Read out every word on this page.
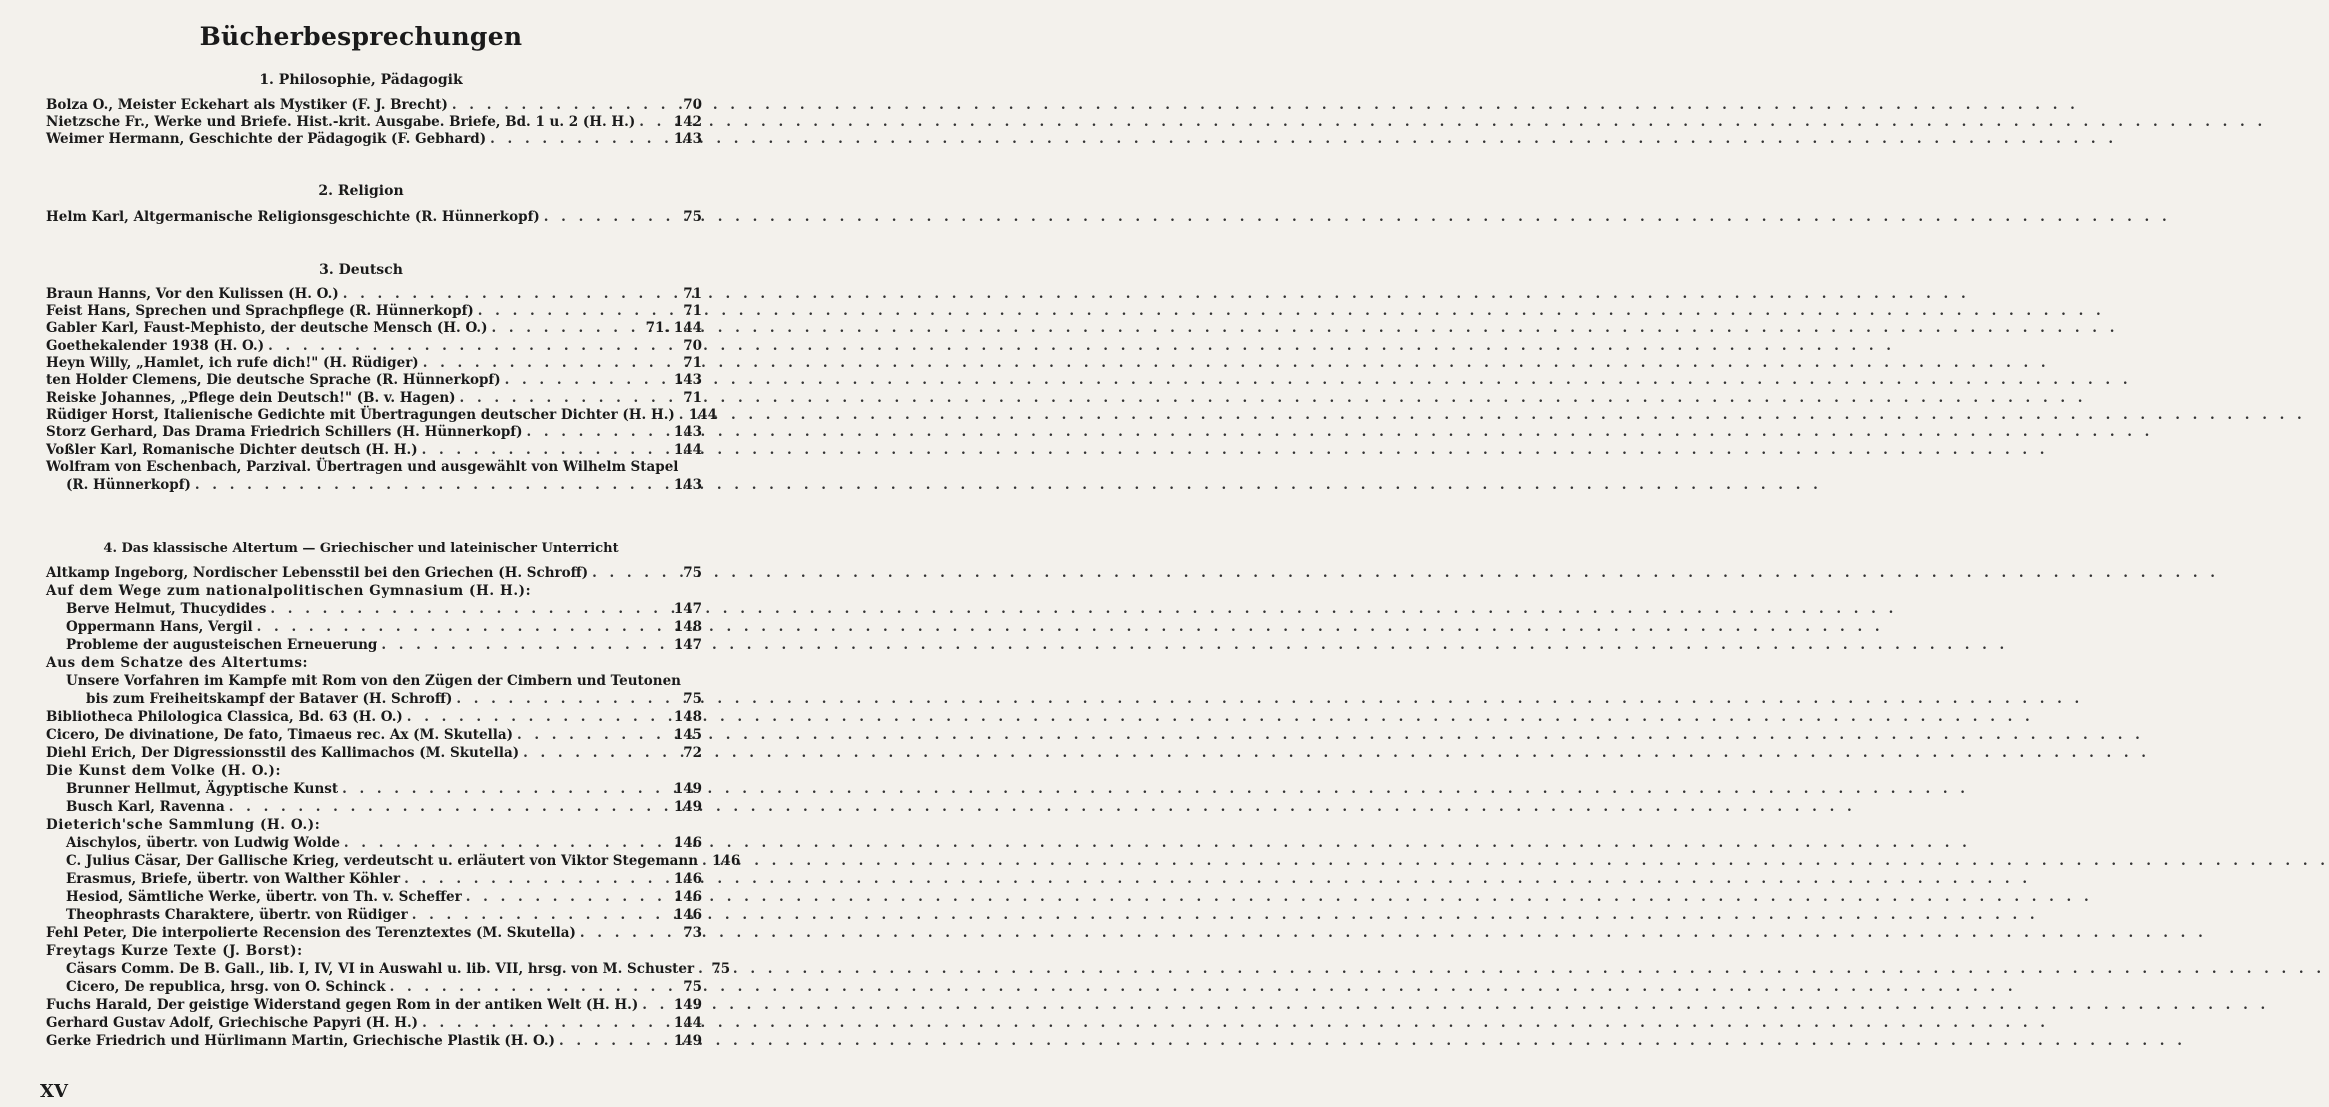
Bücherbesprechungen
1. Philosophie, Pädagogik
Bolza O., Meister Eckehart als Mystiker (F. J. Brecht) . . .	70
Nietzsche Fr., Werke und Briefe. Hist.-krit. Ausgabe. Briefe, Bd. 1 u. 2 (H. H.) . . .	142
Weimer Hermann, Geschichte der Pädagogik (F. Gebhard) . . .	143
2. Religion
Helm Karl, Altgermanische Religionsgeschichte (R. Hünnerkopf) . . .	75
3. Deutsch
Braun Hanns, Vor den Kulissen (H. O.) . . .	71
Feist Hans, Sprechen und Sprachpflege (R. Hünnerkopf) . . .	71
Gabler Karl, Faust-Mephisto, der deutsche Mensch (H. O.) . . .	71. 144
Goethekalender 1938 (H. O.) . . .	70
Heyn Willy, „Hamlet, ich rufe dich!" (H. Rüdiger) . . .	71
ten Holder Clemens, Die deutsche Sprache (R. Hünnerkopf) . . .	143
Reiske Johannes, „Pflege dein Deutsch!" (B. v. Hagen) . . .	71
Rüdiger Horst, Italienische Gedichte mit Übertragungen deutscher Dichter (H. H.) . . . 144
Storz Gerhard, Das Drama Friedrich Schillers (H. Hünnerkopf) . . .	143
Voßler Karl, Romanische Dichter deutsch (H. H.) . . .	144
Wolfram von Eschenbach, Parzival. Übertragen und ausgewählt von Wilhelm Stapel
(R. Hünnerkopf) . . .	143
4. Das klassische Altertum — Griechischer und lateinischer Unterricht
Altkamp Ingeborg, Nordischer Lebensstil bei den Griechen (H. Schroff) . . .	75
Auf dem Wege zum nationalpolitischen Gymnasium (H. H.):
Berve Helmut, Thucydides . . .	147
Oppermann Hans, Vergil . . .	148
Probleme der augusteischen Erneuerung . . .	147
Aus dem Schatze des Altertums:
Unsere Vorfahren im Kampfe mit Rom von den Zügen der Cimbern und Teutonen
bis zum Freiheitskampf der Bataver (H. Schroff) . . .	75
Bibliotheca Philologica Classica, Bd. 63 (H. O.) . . .	148
Cicero, De divinatione, De fato, Timaeus rec. Ax (M. Skutella) . . .	145
Diehl Erich, Der Digressionsstil des Kallimachos (M. Skutella) . . .	72
Die Kunst dem Volke (H. O.):
Brunner Hellmut, Ägyptische Kunst . . .	149
Busch Karl, Ravenna . . .	149
Dieterich'sche Sammlung (H. O.):
Aischylos, übertr. von Ludwig Wolde . . .	146
C. Julius Cäsar, Der Gallische Krieg, verdeutscht u. erläutert von Viktor Stegemann . . . 146
Erasmus, Briefe, übertr. von Walther Köhler . . .	146
Hesiod, Sämtliche Werke, übertr. von Th. v. Scheffer . . .	146
Theophrasts Charaktere, übertr. von Rüdiger . . .	146
Fehl Peter, Die interpolierte Recension des Terenztextes (M. Skutella) . . .	73
Freytags Kurze Texte (J. Borst):
Cäsars Comm. De B. Gall., lib. I, IV, VI in Auswahl u. lib. VII, hrsg. von M. Schuster . . . 75
Cicero, De republica, hrsg. von O. Schinck . . .	75
Fuchs Harald, Der geistige Widerstand gegen Rom in der antiken Welt (H. H.) . . .	149
Gerhard Gustav Adolf, Griechische Papyri (H. H.) . . .	144
Gerke Friedrich und Hürlimann Martin, Griechische Plastik (H. O.) . . .	149
XV
